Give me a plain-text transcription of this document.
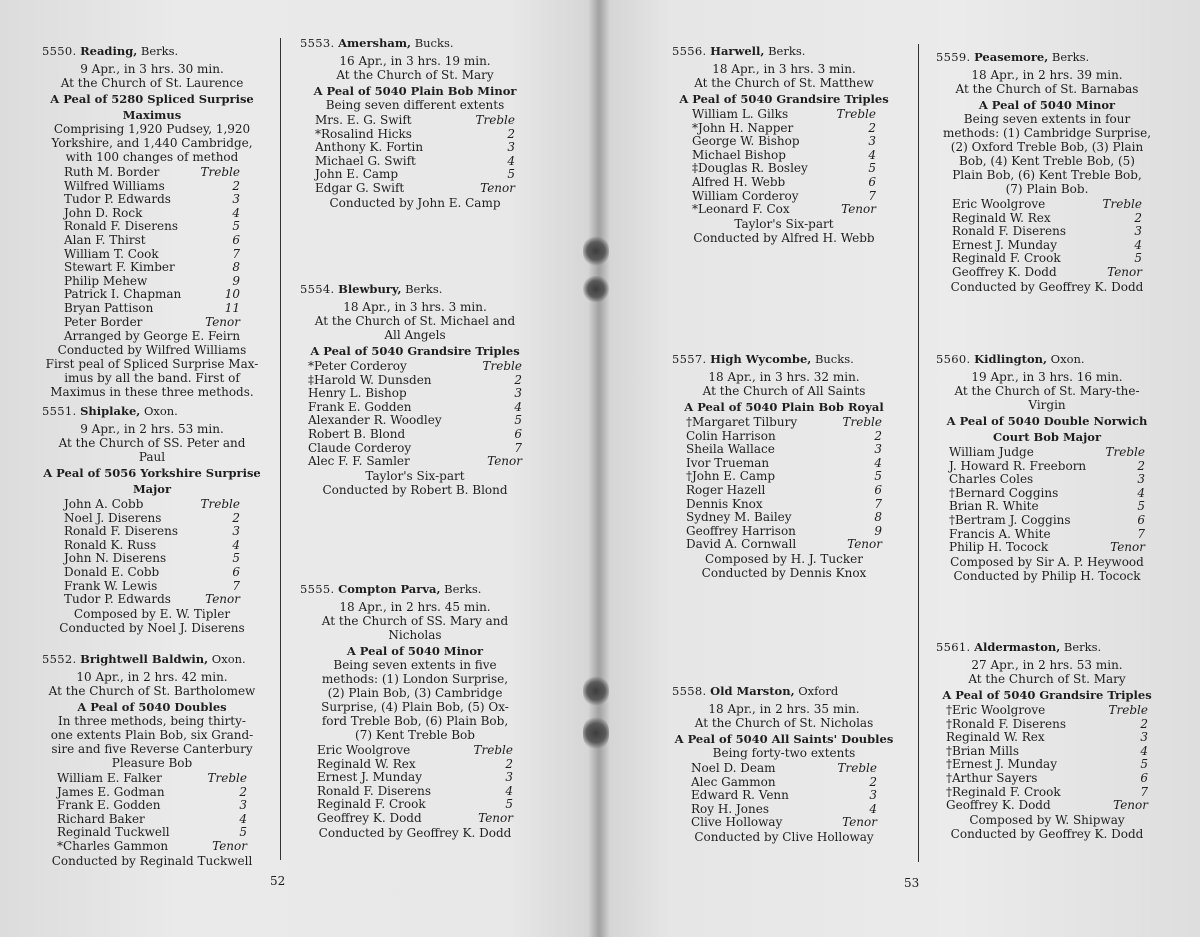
5550. Reading, Berks.
9 Apr., in 3 hrs. 30 min.
At the Church of St. Laurence
A Peal of 5280 Spliced Surprise
Maximus
Comprising 1,920 Pudsey, 1,920
Yorkshire, and 1,440 Cambridge,
with 100 changes of method
Ruth M. Border	Treble
Wilfred Williams	2
Tudor P. Edwards	3
John D. Rock	4
Ronald F. Diserens	5
Alan F. Thirst	6
William T. Cook	7
Stewart F. Kimber	8
Philip Mehew	9
Patrick I. Chapman	10
Bryan Pattison	11
Peter Border	Tenor
Arranged by George E. Feirn
Conducted by Wilfred Williams
First peal of Spliced Surprise Max-
imus by all the band. First of
Maximus in these three methods.
5551. Shiplake, Oxon.
9 Apr., in 2 hrs. 53 min.
At the Church of SS. Peter and
Paul
A Peal of 5056 Yorkshire Surprise
Major
John A. Cobb	Treble
Noel J. Diserens	2
Ronald F. Diserens	3
Ronald K. Russ	4
John N. Diserens	5
Donald E. Cobb	6
Frank W. Lewis	7
Tudor P. Edwards	Tenor
Composed by E. W. Tipler
Conducted by Noel J. Diserens
5552. Brightwell Baldwin, Oxon.
10 Apr., in 2 hrs. 42 min.
At the Church of St. Bartholomew
A Peal of 5040 Doubles
In three methods, being thirty-
one extents Plain Bob, six Grand-
sire and five Reverse Canterbury
Pleasure Bob
William E. Falker	Treble
James E. Godman	2
Frank E. Godden	3
Richard Baker	4
Reginald Tuckwell	5
*Charles Gammon	Tenor
Conducted by Reginald Tuckwell
5553. Amersham, Bucks.
16 Apr., in 3 hrs. 19 min.
At the Church of St. Mary
A Peal of 5040 Plain Bob Minor
Being seven different extents
Mrs. E. G. Swift	Treble
*Rosalind Hicks	2
Anthony K. Fortin	3
Michael G. Swift	4
John E. Camp	5
Edgar G. Swift	Tenor
Conducted by John E. Camp
5554. Blewbury, Berks.
18 Apr., in 3 hrs. 3 min.
At the Church of St. Michael and
All Angels
A Peal of 5040 Grandsire Triples
*Peter Corderoy	Treble
‡Harold W. Dunsden	2
Henry L. Bishop	3
Frank E. Godden	4
Alexander R. Woodley	5
Robert B. Blond	6
Claude Corderoy	7
Alec F. F. Samler	Tenor
Taylor's Six-part
Conducted by Robert B. Blond
5555. Compton Parva, Berks.
18 Apr., in 2 hrs. 45 min.
At the Church of SS. Mary and
Nicholas
A Peal of 5040 Minor
Being seven extents in five
methods: (1) London Surprise,
(2) Plain Bob, (3) Cambridge
Surprise, (4) Plain Bob, (5) Ox-
ford Treble Bob, (6) Plain Bob,
(7) Kent Treble Bob
Eric Woolgrove	Treble
Reginald W. Rex	2
Ernest J. Munday	3
Ronald F. Diserens	4
Reginald F. Crook	5
Geoffrey K. Dodd	Tenor
Conducted by Geoffrey K. Dodd
5556. Harwell, Berks.
18 Apr., in 3 hrs. 3 min.
At the Church of St. Matthew
A Peal of 5040 Grandsire Triples
William L. Gilks	Treble
*John H. Napper	2
George W. Bishop	3
Michael Bishop	4
‡Douglas R. Bosley	5
Alfred H. Webb	6
William Corderoy	7
*Leonard F. Cox	Tenor
Taylor's Six-part
Conducted by Alfred H. Webb
5557. High Wycombe, Bucks.
18 Apr., in 3 hrs. 32 min.
At the Church of All Saints
A Peal of 5040 Plain Bob Royal
†Margaret Tilbury	Treble
Colin Harrison	2
Sheila Wallace	3
Ivor Trueman	4
†John E. Camp	5
Roger Hazell	6
Dennis Knox	7
Sydney M. Bailey	8
Geoffrey Harrison	9
David A. Cornwall	Tenor
Composed by H. J. Tucker
Conducted by Dennis Knox
5558. Old Marston, Oxford
18 Apr., in 2 hrs. 35 min.
At the Church of St. Nicholas
A Peal of 5040 All Saints' Doubles
Being forty-two extents
Noel D. Deam	Treble
Alec Gammon	2
Edward R. Venn	3
Roy H. Jones	4
Clive Holloway	Tenor
Conducted by Clive Holloway
5559. Peasemore, Berks.
18 Apr., in 2 hrs. 39 min.
At the Church of St. Barnabas
A Peal of 5040 Minor
Being seven extents in four
methods: (1) Cambridge Surprise,
(2) Oxford Treble Bob, (3) Plain
Bob, (4) Kent Treble Bob, (5)
Plain Bob, (6) Kent Treble Bob,
(7) Plain Bob.
Eric Woolgrove	Treble
Reginald W. Rex	2
Ronald F. Diserens	3
Ernest J. Munday	4
Reginald F. Crook	5
Geoffrey K. Dodd	Tenor
Conducted by Geoffrey K. Dodd
5560. Kidlington, Oxon.
19 Apr., in 3 hrs. 16 min.
At the Church of St. Mary-the-
Virgin
A Peal of 5040 Double Norwich
Court Bob Major
William Judge	Treble
J. Howard R. Freeborn	2
Charles Coles	3
†Bernard Coggins	4
Brian R. White	5
†Bertram J. Coggins	6
Francis A. White	7
Philip H. Tocock	Tenor
Composed by Sir A. P. Heywood
Conducted by Philip H. Tocock
5561. Aldermaston, Berks.
27 Apr., in 2 hrs. 53 min.
At the Church of St. Mary
A Peal of 5040 Grandsire Triples
†Eric Woolgrove	Treble
†Ronald F. Diserens	2
Reginald W. Rex	3
†Brian Mills	4
†Ernest J. Munday	5
†Arthur Sayers	6
†Reginald F. Crook	7
Geoffrey K. Dodd	Tenor
Composed by W. Shipway
Conducted by Geoffrey K. Dodd
52	53
